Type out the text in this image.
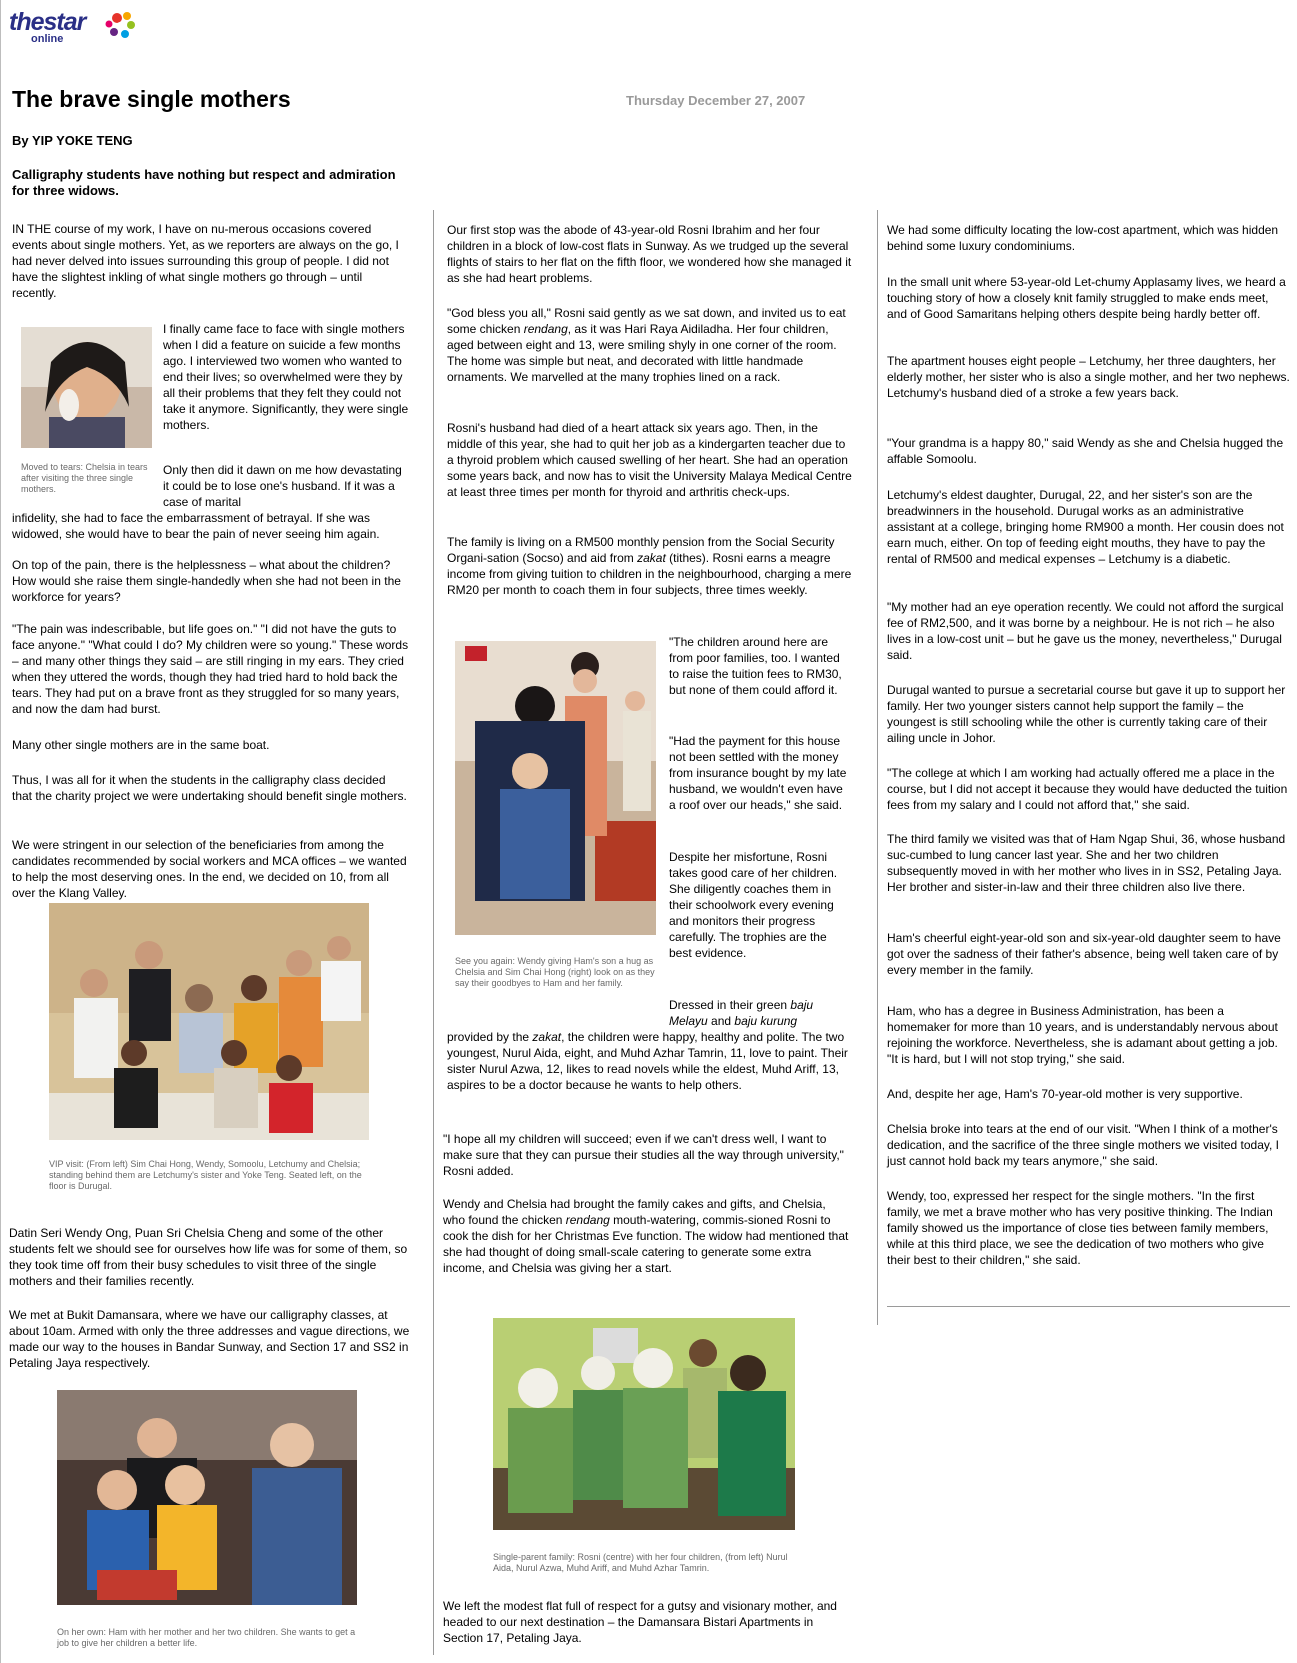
thestar
online
The brave single mothers	Thursday December 27, 2007
By YIP YOKE TENG
Calligraphy students have nothing but respect and admiration for three widows.
IN THE course of my work, I have on nu-merous occasions covered events about single mothers. Yet, as we reporters are always on the go, I had never delved into issues surrounding this group of people. I did not have the slightest inkling of what single mothers go through – until recently.
Moved to tears: Chelsia in tears after visiting the three single mothers.
I finally came face to face with single mothers when I did a feature on suicide a few months ago. I interviewed two women who wanted to end their lives; so overwhelmed were they by all their problems that they felt they could not take it anymore. Significantly, they were single mothers.
Only then did it dawn on me how devastating it could be to lose one's husband. If it was a case of marital
infidelity, she had to face the embarrassment of betrayal. If she was widowed, she would have to bear the pain of never seeing him again.
On top of the pain, there is the helplessness – what about the children? How would she raise them single-handedly when she had not been in the workforce for years?
"The pain was indescribable, but life goes on." "I did not have the guts to face anyone." "What could I do? My children were so young." These words – and many other things they said – are still ringing in my ears. They cried when they uttered the words, though they had tried hard to hold back the tears. They had put on a brave front as they struggled for so many years, and now the dam had burst.
Many other single mothers are in the same boat.
Thus, I was all for it when the students in the calligraphy class decided that the charity project we were undertaking should benefit single mothers.
We were stringent in our selection of the beneficiaries from among the candidates recommended by social workers and MCA offices – we wanted to help the most deserving ones. In the end, we decided on 10, from all over the Klang Valley.
VIP visit: (From left) Sim Chai Hong, Wendy, Somoolu, Letchumy and Chelsia; standing behind them are Letchumy's sister and Yoke Teng. Seated left, on the floor is Durugal.
Datin Seri Wendy Ong, Puan Sri Chelsia Cheng and some of the other students felt we should see for ourselves how life was for some of them, so they took time off from their busy schedules to visit three of the single mothers and their families recently.
We met at Bukit Damansara, where we have our calligraphy classes, at about 10am. Armed with only the three addresses and vague directions, we made our way to the houses in Bandar Sunway, and Section 17 and SS2 in Petaling Jaya respectively.
On her own: Ham with her mother and her two children. She wants to get a job to give her children a better life.
Our first stop was the abode of 43-year-old Rosni Ibrahim and her four children in a block of low-cost flats in Sunway. As we trudged up the several flights of stairs to her flat on the fifth floor, we wondered how she managed it as she had heart problems.
"God bless you all," Rosni said gently as we sat down, and invited us to eat some chicken rendang, as it was Hari Raya Aidiladha. Her four children, aged between eight and 13, were smiling shyly in one corner of the room. The home was simple but neat, and decorated with little handmade ornaments. We marvelled at the many trophies lined on a rack.
Rosni's husband had died of a heart attack six years ago. Then, in the middle of this year, she had to quit her job as a kindergarten teacher due to a thyroid problem which caused swelling of her heart. She had an operation some years back, and now has to visit the University Malaya Medical Centre at least three times per month for thyroid and arthritis check-ups.
The family is living on a RM500 monthly pension from the Social Security Organi-sation (Socso) and aid from zakat (tithes). Rosni earns a meagre income from giving tuition to children in the neighbourhood, charging a mere RM20 per month to coach them in four subjects, three times weekly.
See you again: Wendy giving Ham's son a hug as Chelsia and Sim Chai Hong (right) look on as they say their goodbyes to Ham and her family.
"The children around here are from poor families, too. I wanted to raise the tuition fees to RM30, but none of them could afford it.
"Had the payment for this house not been settled with the money from insurance bought by my late husband, we wouldn't even have a roof over our heads," she said.
Despite her misfortune, Rosni takes good care of her children. She diligently coaches them in their schoolwork every evening and monitors their progress carefully. The trophies are the best evidence.
Dressed in their green baju Melayu and baju kurung
provided by the zakat, the children were happy, healthy and polite. The two youngest, Nurul Aida, eight, and Muhd Azhar Tamrin, 11, love to paint. Their sister Nurul Azwa, 12, likes to read novels while the eldest, Muhd Ariff, 13, aspires to be a doctor because he wants to help others.
"I hope all my children will succeed; even if we can't dress well, I want to make sure that they can pursue their studies all the way through university," Rosni added.
Wendy and Chelsia had brought the family cakes and gifts, and Chelsia, who found the chicken rendang mouth-watering, commis-sioned Rosni to cook the dish for her Christmas Eve function. The widow had mentioned that she had thought of doing small-scale catering to generate some extra income, and Chelsia was giving her a start.
Single-parent family: Rosni (centre) with her four children, (from left) Nurul Aida, Nurul Azwa, Muhd Ariff, and Muhd Azhar Tamrin.
We left the modest flat full of respect for a gutsy and visionary mother, and headed to our next destination – the Damansara Bistari Apartments in Section 17, Petaling Jaya.
We had some difficulty locating the low-cost apartment, which was hidden behind some luxury condominiums.
In the small unit where 53-year-old Let-chumy Applasamy lives, we heard a touching story of how a closely knit family struggled to make ends meet, and of Good Samaritans helping others despite being hardly better off.
The apartment houses eight people – Letchumy, her three daughters, her elderly mother, her sister who is also a single mother, and her two nephews. Letchumy's husband died of a stroke a few years back.
"Your grandma is a happy 80," said Wendy as she and Chelsia hugged the affable Somoolu.
Letchumy's eldest daughter, Durugal, 22, and her sister's son are the breadwinners in the household. Durugal works as an administrative assistant at a college, bringing home RM900 a month. Her cousin does not earn much, either. On top of feeding eight mouths, they have to pay the rental of RM500 and medical expenses – Letchumy is a diabetic.
"My mother had an eye operation recently. We could not afford the surgical fee of RM2,500, and it was borne by a neighbour. He is not rich – he also lives in a low-cost unit – but he gave us the money, nevertheless," Durugal said.
Durugal wanted to pursue a secretarial course but gave it up to support her family. Her two younger sisters cannot help support the family – the youngest is still schooling while the other is currently taking care of their ailing uncle in Johor.
"The college at which I am working had actually offered me a place in the course, but I did not accept it because they would have deducted the tuition fees from my salary and I could not afford that," she said.
The third family we visited was that of Ham Ngap Shui, 36, whose husband suc-cumbed to lung cancer last year. She and her two children subsequently moved in with her mother who lives in in SS2, Petaling Jaya. Her brother and sister-in-law and their three children also live there.
Ham's cheerful eight-year-old son and six-year-old daughter seem to have got over the sadness of their father's absence, being well taken care of by every member in the family.
Ham, who has a degree in Business Administration, has been a homemaker for more than 10 years, and is understandably nervous about rejoining the workforce. Nevertheless, she is adamant about getting a job. "It is hard, but I will not stop trying," she said.
And, despite her age, Ham's 70-year-old mother is very supportive.
Chelsia broke into tears at the end of our visit. "When I think of a mother's dedication, and the sacrifice of the three single mothers we visited today, I just cannot hold back my tears anymore," she said.
Wendy, too, expressed her respect for the single mothers. "In the first family, we met a brave mother who has very positive thinking. The Indian family showed us the importance of close ties between family members, while at this third place, we see the dedication of two mothers who give their best to their children," she said.
